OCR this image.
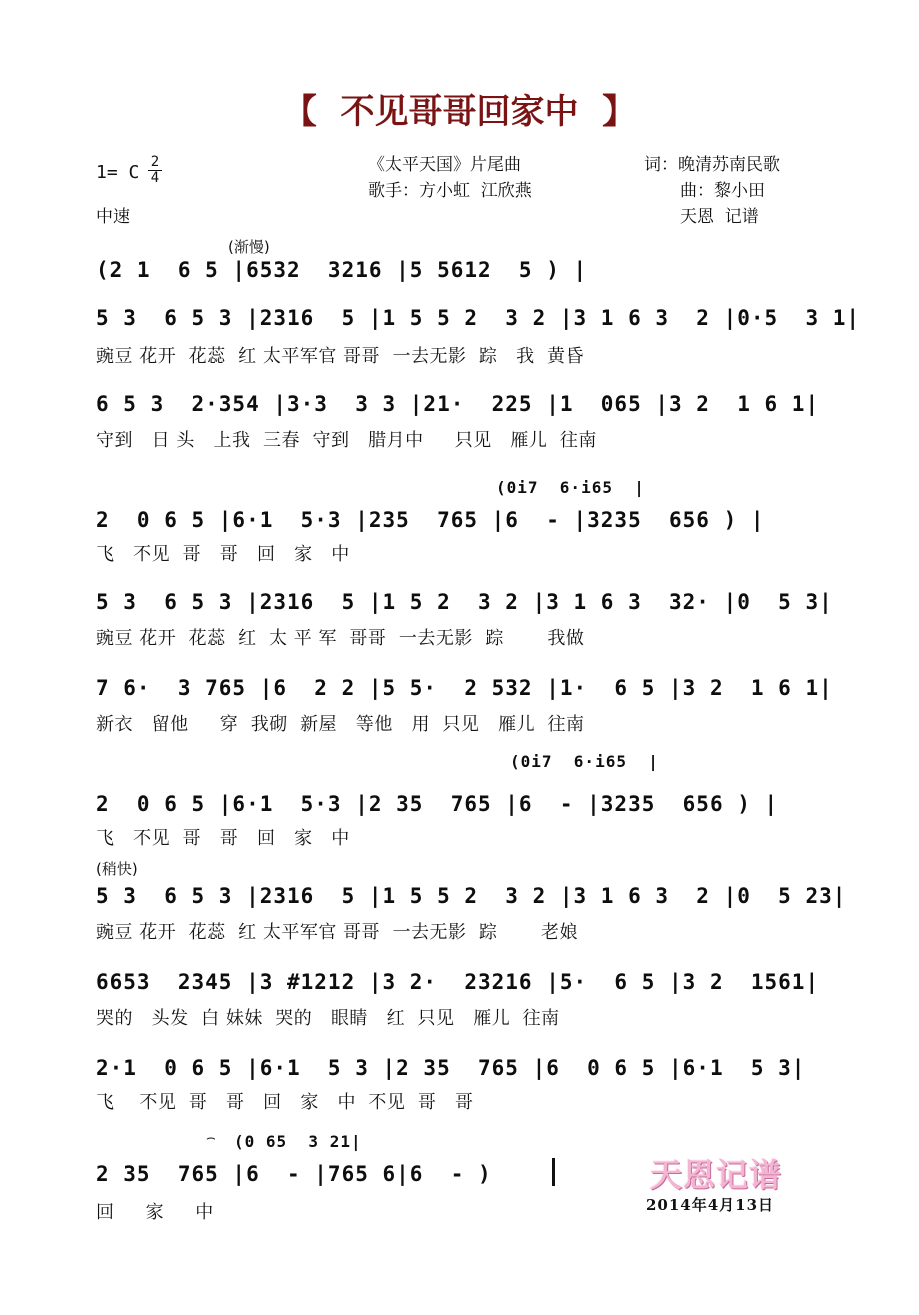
【  不见哥哥回家中  】
1= C 2
4
中速
《太平天国》片尾曲
歌手：方小虹  江欣燕
词：晚清苏南民歌
曲：黎小田
天恩  记谱
(渐慢)
(稍快)
⌢
(0i7  6·i65  |
(0i7  6·i65  |
(0 65  3 21|
(2 1  6 5 |6532  3216 |5 5612  5 ) |
5 3  6 5 3 |2316  5 |1 5 5 2  3 2 |3 1 6 3  2 |0·5  3 1|
豌豆 花开  花蕊  红 太平军官 哥哥  一去无影  踪   我  黄昏
6 5 3  2·354 |3·3  3 3 |21·  225 |1  065 |3 2  1 6 1|
守到   日 头   上我  三春  守到   腊月中     只见   雁儿  往南
2  0 6 5 |6·1  5·3 |235  765 |6  - |3235  656 ) |
飞   不见  哥   哥   回   家   中
5 3  6 5 3 |2316  5 |1 5 2  3 2 |3 1 6 3  32· |0  5 3|
豌豆 花开  花蕊  红  太 平 军  哥哥  一去无影  踪       我做
7 6·  3 765 |6  2 2 |5 5·  2 532 |1·  6 5 |3 2  1 6 1|
新衣   留他     穿  我砌  新屋   等他   用  只见   雁儿  往南
2  0 6 5 |6·1  5·3 |2 35  765 |6  - |3235  656 ) |
飞   不见  哥   哥   回   家   中
5 3  6 5 3 |2316  5 |1 5 5 2  3 2 |3 1 6 3  2 |0  5 23|
豌豆 花开  花蕊  红 太平军官 哥哥  一去无影  踪       老娘
6653  2345 |3 #1212 |3 2·  23216 |5·  6 5 |3 2  1561|
哭的   头发  白 妹妹  哭的   眼睛   红  只见   雁儿  往南
2·1  0 6 5 |6·1  5 3 |2 35  765 |6  0 6 5 |6·1  5 3|
飞    不见  哥   哥   回   家   中  不见  哥   哥
2 35  765 |6  - |765 6|6  - )
回     家     中
天恩记谱
2014年4月13日
